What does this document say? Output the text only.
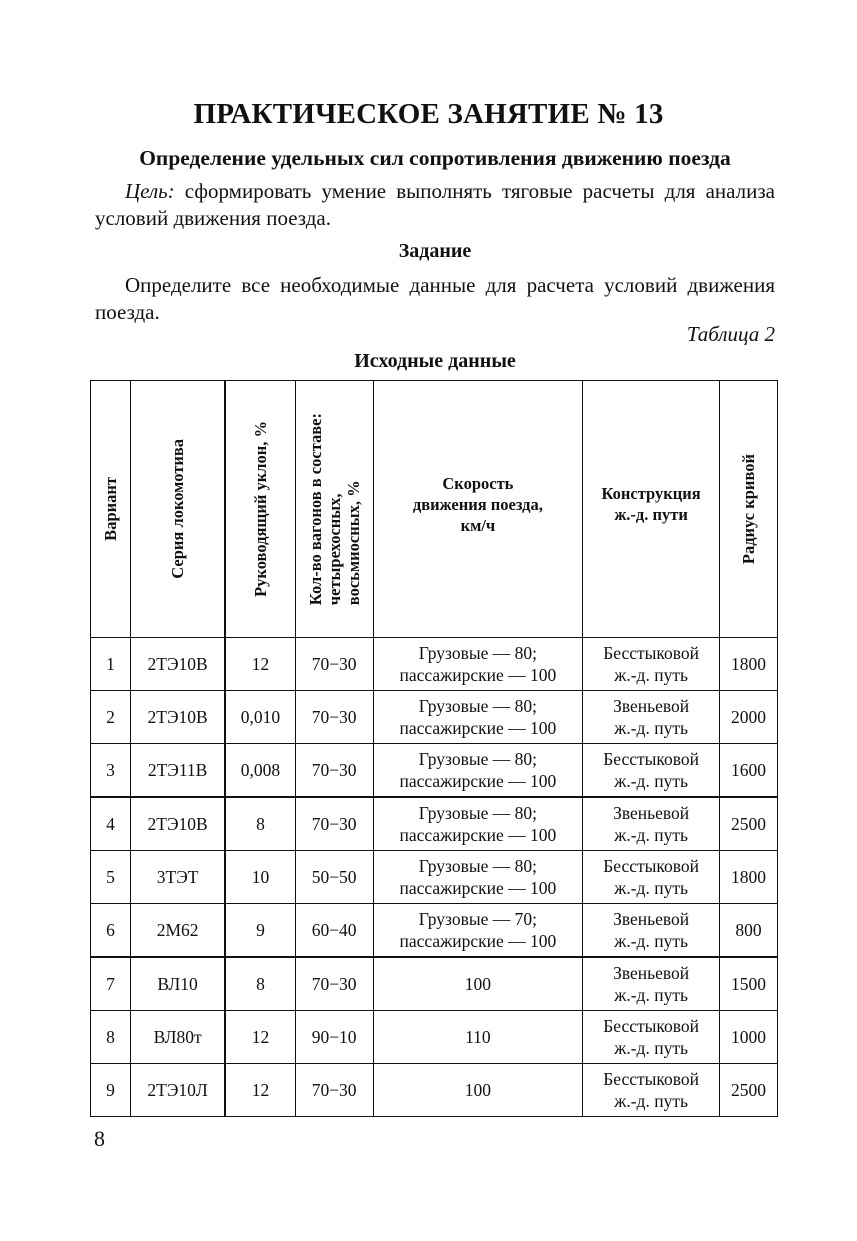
ПРАКТИЧЕСКОЕ ЗАНЯТИЕ № 13
Определение удельных сил сопротивления движению поезда
Цель: сформировать умение выполнять тяговые расчеты для анализа условий движения поезда.
Задание
Определите все необходимые данные для расчета условий движения поезда.
Таблица 2
Исходные данные
Вариант	Серия локомотива	Руководящий уклон, %	Кол-во вагонов в составе:
четырехосных,
восьмиосных, %	Скорость
движения поезда,
км/ч	Конструкция
ж.-д. пути	Радиус кривой

1	2ТЭ10В	12	70−30	Грузовые — 80;
пассажирские — 100	Бесстыковой
ж.-д. путь	1800
2	2ТЭ10В	0,010	70−30	Грузовые — 80;
пассажирские — 100	Звеньевой
ж.-д. путь	2000
3	2ТЭ11В	0,008	70−30	Грузовые — 80;
пассажирские — 100	Бесстыковой
ж.-д. путь	1600
4	2ТЭ10В	8	70−30	Грузовые — 80;
пассажирские — 100	Звеньевой
ж.-д. путь	2500
5	3ТЭТ	10	50−50	Грузовые — 80;
пассажирские — 100	Бесстыковой
ж.-д. путь	1800
6	2М62	9	60−40	Грузовые — 70;
пассажирские — 100	Звеньевой
ж.-д. путь	800
7	ВЛ10	8	70−30	100	Звеньевой
ж.-д. путь	1500
8	ВЛ80т	12	90−10	110	Бесстыковой
ж.-д. путь	1000
9	2ТЭ10Л	12	70−30	100	Бесстыковой
ж.-д. путь	2500
8
